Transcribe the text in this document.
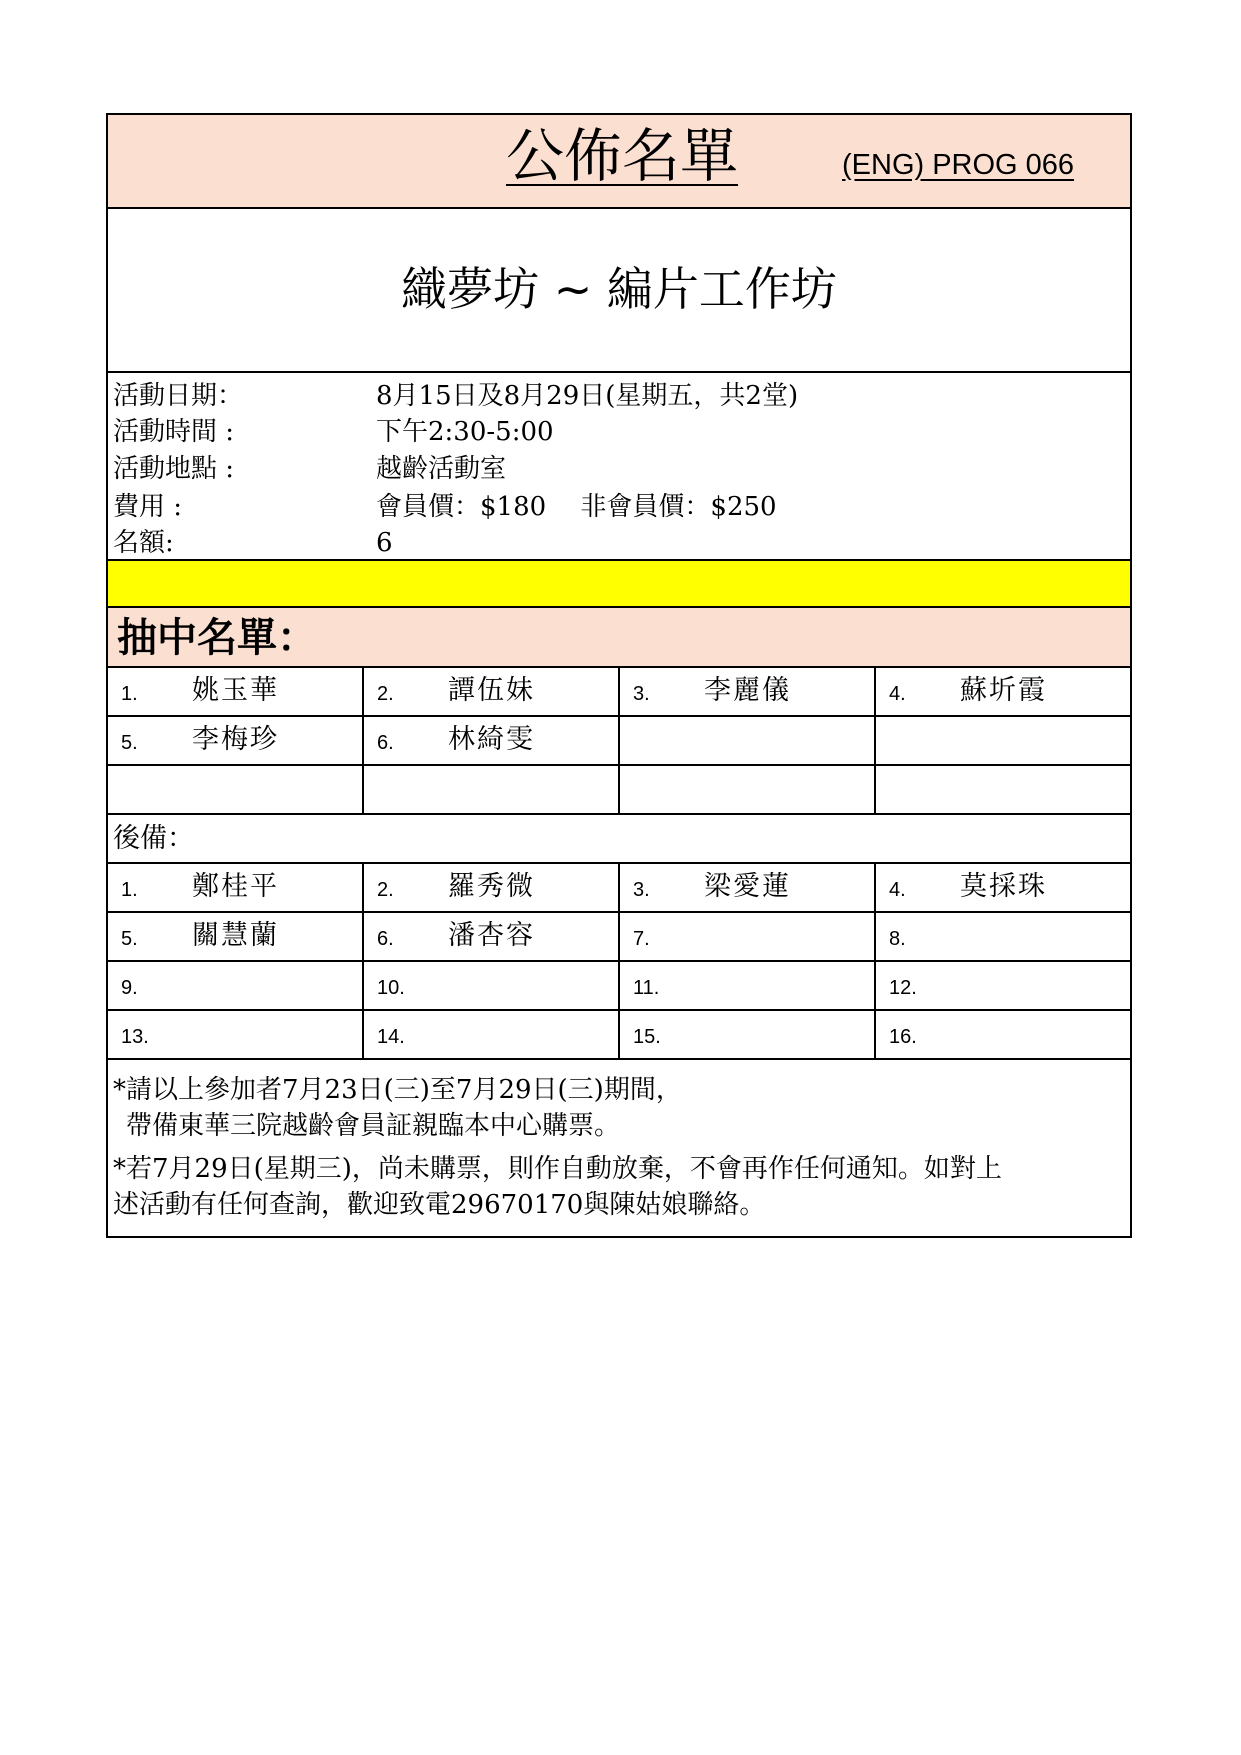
公佈名單	(ENG) PROG 066
織夢坊 ~ 編片工作坊
活動日期：	8月15日及8月29日(星期五，共2堂)
活動時間 :	下午2:30-5:00
活動地點 :	越齡活動室
費用 :	會員價：$180　 非會員價：$250
名額:	6
抽中名單：
1. 姚玉華	2. 譚伍妹	3. 李麗儀	4. 蘇圻霞
5. 李梅珍	6. 林綺雯
後備：
1. 鄭桂平	2. 羅秀微	3. 梁愛蓮	4. 莫採珠
5. 關慧蘭	6. 潘杏容	7.	8.
9.	10.	11.	12.
13.	14.	15.	16.
*請以上參加者7月23日(三)至7月29日(三)期間，
帶備東華三院越齡會員証親臨本中心購票。
*若7月29日(星期三)，尚未購票，則作自動放棄，不會再作任何通知。如對上
述活動有任何查詢，歡迎致電29670170與陳姑娘聯絡。
